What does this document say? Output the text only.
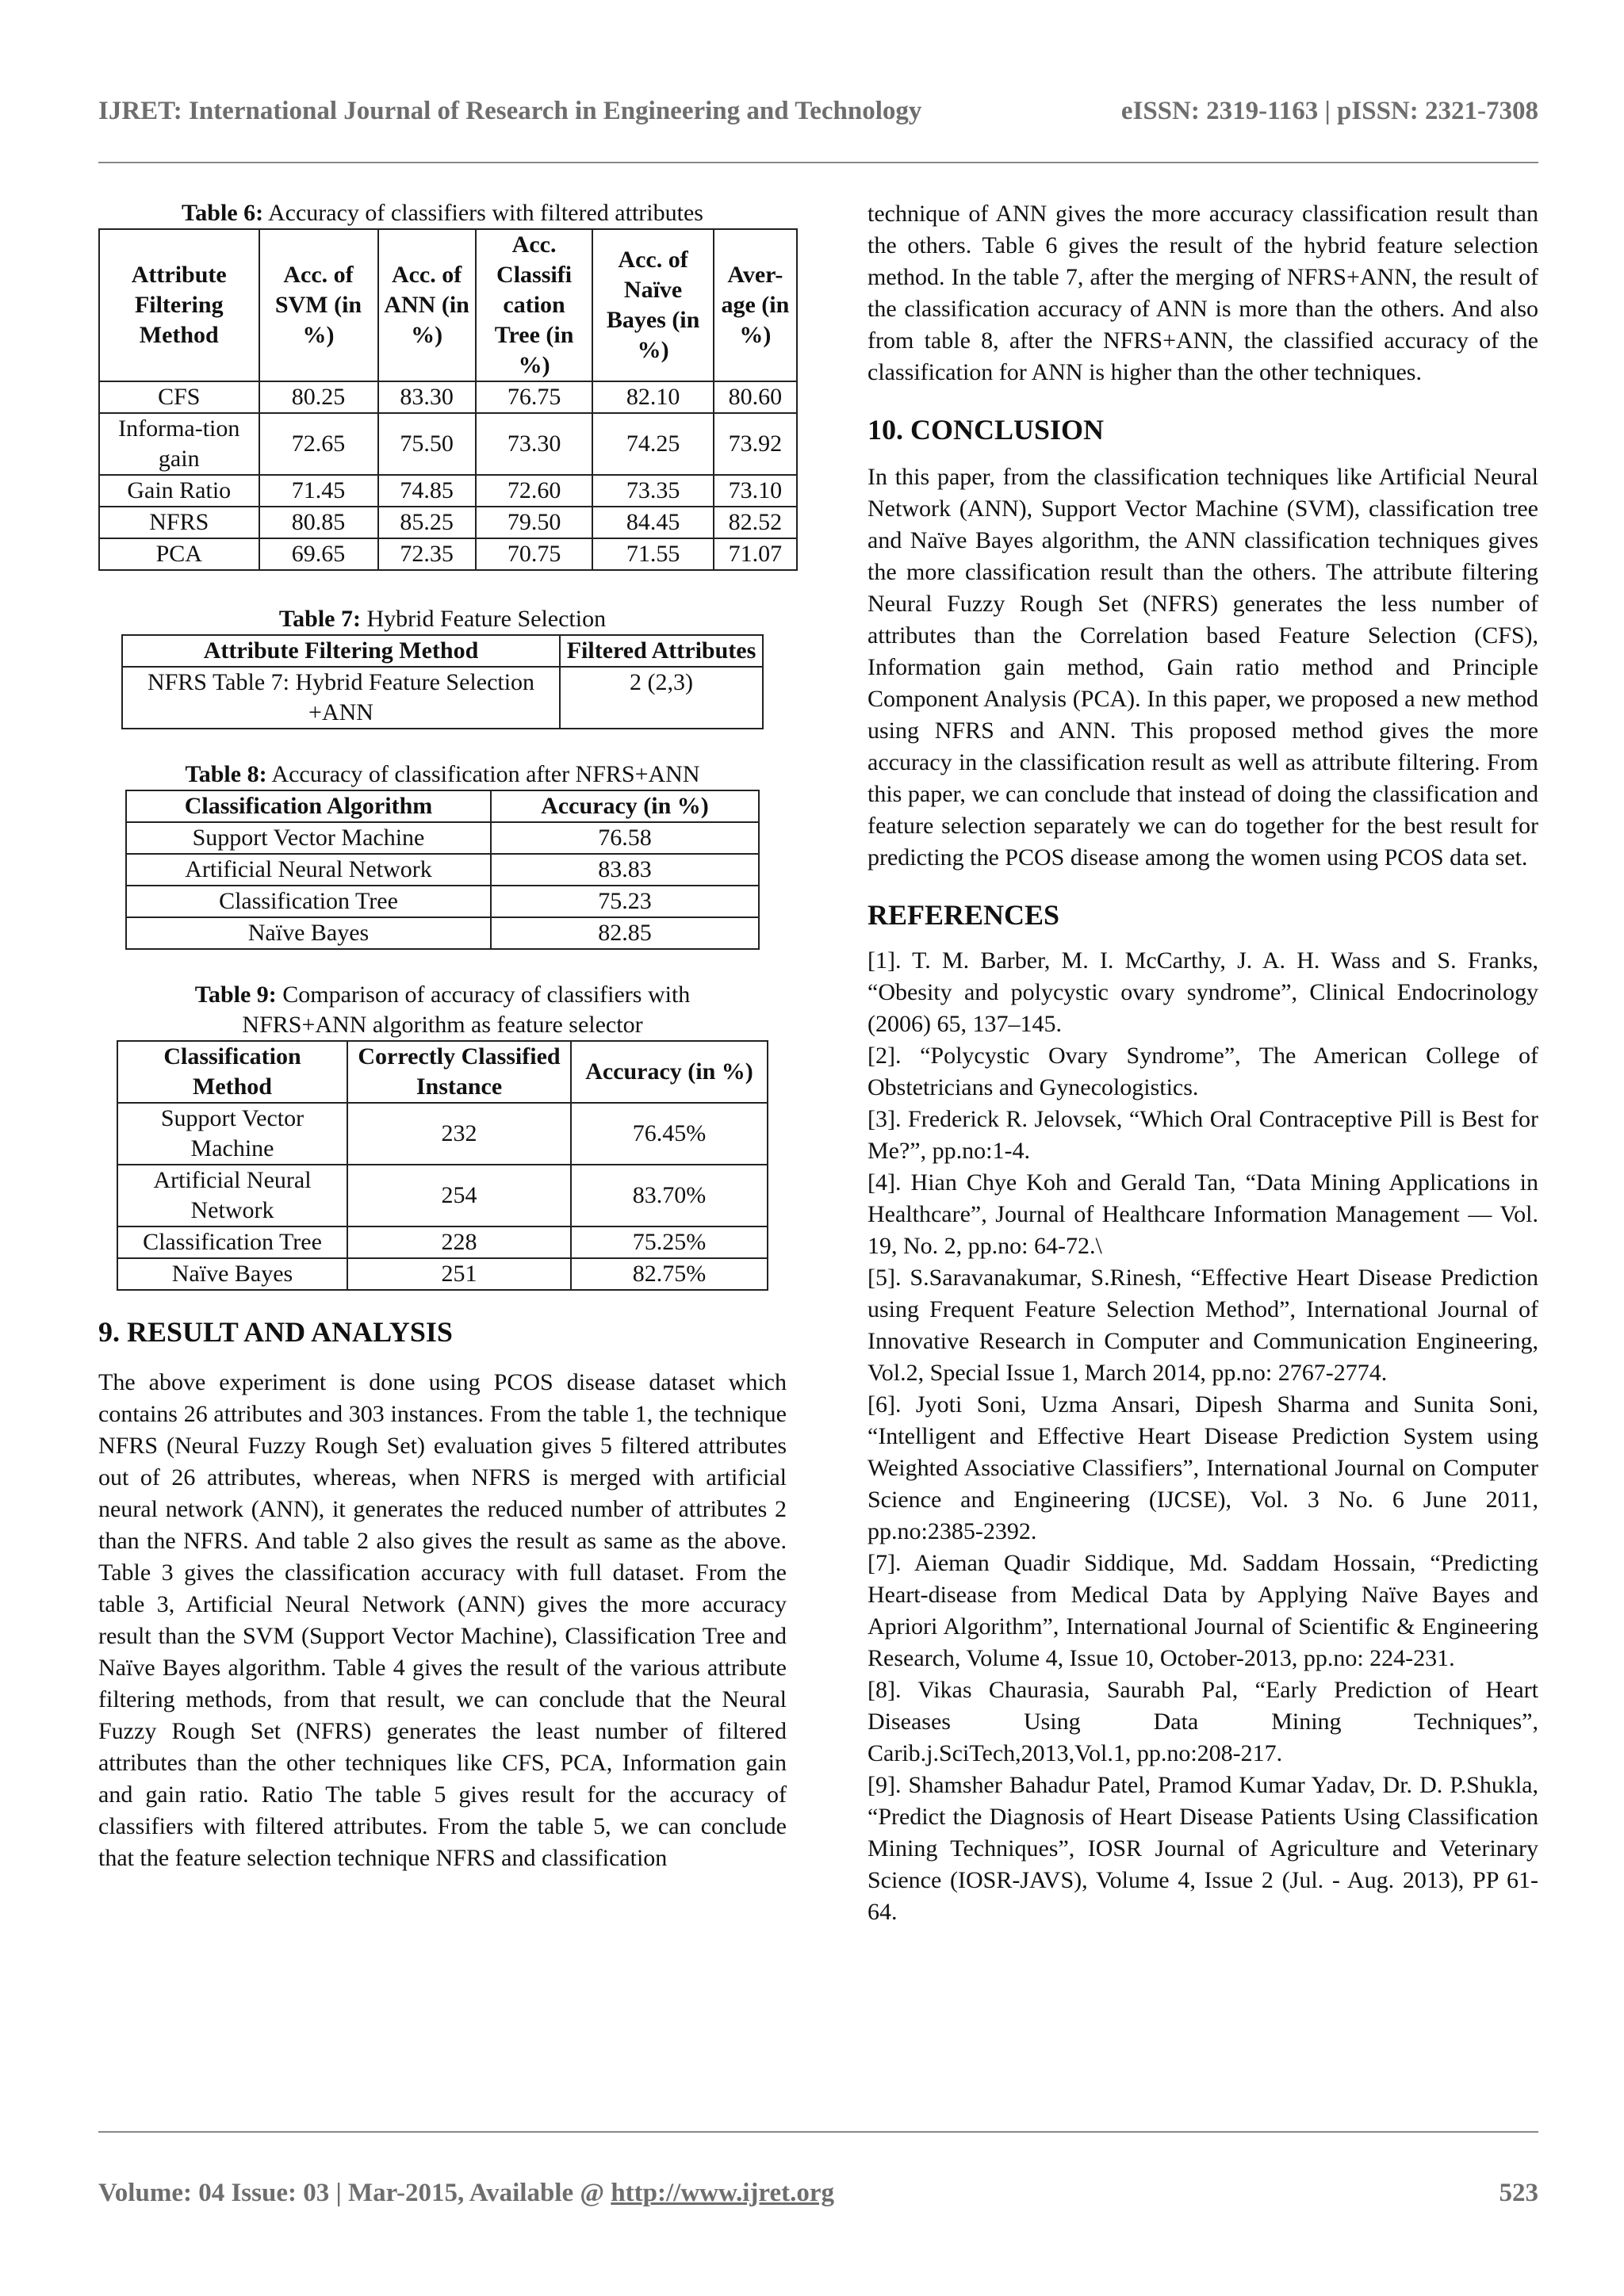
IJRET: International Journal of Research in Engineering and Technology	eISSN: 2319-1163 | pISSN: 2321-7308

Table 6: Accuracy of classifiers with filtered attributes

Attribute Filtering Method	Acc. of SVM (in %)	Acc. of ANN (in %)	Acc. Classifi cation Tree (in %)	Acc. of Naïve Bayes (in %)	Aver-age (in %)
CFS	80.25	83.30	76.75	82.10	80.60
Informa-tion gain	72.65	75.50	73.30	74.25	73.92
Gain Ratio	71.45	74.85	72.60	73.35	73.10
NFRS	80.85	85.25	79.50	84.45	82.52
PCA	69.65	72.35	70.75	71.55	71.07

Table 7: Hybrid Feature Selection

Attribute Filtering Method	Filtered Attributes
NFRS Table 7: Hybrid Feature Selection +ANN	2 (2,3)

Table 8: Accuracy of classification after NFRS+ANN

Classification Algorithm	Accuracy (in %)
Support Vector Machine	76.58
Artificial Neural Network	83.83
Classification Tree	75.23
Naïve Bayes	82.85

Table 9: Comparison of accuracy of classifiers with NFRS+ANN algorithm as feature selector

Classification Method	Correctly Classified Instance	Accuracy (in %)
Support Vector Machine	232	76.45%
Artificial Neural Network	254	83.70%
Classification Tree	228	75.25%
Naïve Bayes	251	82.75%
9. RESULT AND ANALYSIS

The above experiment is done using PCOS disease dataset which contains 26 attributes and 303 instances. From the table 1, the technique NFRS (Neural Fuzzy Rough Set) evaluation gives 5 filtered attributes out of 26 attributes, whereas, when NFRS is merged with artificial neural network (ANN), it generates the reduced number of attributes 2 than the NFRS. And table 2 also gives the result as same as the above. Table 3 gives the classification accuracy with full dataset. From the table 3, Artificial Neural Network (ANN) gives the more accuracy result than the SVM (Support Vector Machine), Classification Tree and Naïve Bayes algorithm. Table 4 gives the result of the various attribute filtering methods, from that result, we can conclude that the Neural Fuzzy Rough Set (NFRS) generates the least number of filtered attributes than the other techniques like CFS, PCA, Information gain and gain ratio. Ratio The table 5 gives result for the accuracy of classifiers with filtered attributes. From the table 5, we can conclude that the feature selection technique NFRS and classification

technique of ANN gives the more accuracy classification result than the others. Table 6 gives the result of the hybrid feature selection method. In the table 7, after the merging of NFRS+ANN, the result of the classification accuracy of ANN is more than the others. And also from table 8, after the NFRS+ANN, the classified accuracy of the classification for ANN is higher than the other techniques.

10. CONCLUSION

In this paper, from the classification techniques like Artificial Neural Network (ANN), Support Vector Machine (SVM), classification tree and Naïve Bayes algorithm, the ANN classification techniques gives the more classification result than the others. The attribute filtering Neural Fuzzy Rough Set (NFRS) generates the less number of attributes than the Correlation based Feature Selection (CFS), Information gain method, Gain ratio method and Principle Component Analysis (PCA). In this paper, we proposed a new method using NFRS and ANN. This proposed method gives the more accuracy in the classification result as well as attribute filtering. From this paper, we can conclude that instead of doing the classification and feature selection separately we can do together for the best result for predicting the PCOS disease among the women using PCOS data set.

REFERENCES

[1]. T. M. Barber, M. I. McCarthy, J. A. H. Wass and S. Franks, “Obesity and polycystic ovary syndrome”, Clinical Endocrinology (2006) 65, 137–145.

[2]. “Polycystic Ovary Syndrome”, The American College of Obstetricians and Gynecologistics.

[3]. Frederick R. Jelovsek, “Which Oral Contraceptive Pill is Best for Me?”, pp.no:1-4.

[4]. Hian Chye Koh and Gerald Tan, “Data Mining Applications in Healthcare”, Journal of Healthcare Information Management — Vol. 19, No. 2, pp.no: 64-72.\

[5]. S.Saravanakumar, S.Rinesh, “Effective Heart Disease Prediction using Frequent Feature Selection Method”, International Journal of Innovative Research in Computer and Communication Engineering, Vol.2, Special Issue 1, March 2014, pp.no: 2767-2774.

[6]. Jyoti Soni, Uzma Ansari, Dipesh Sharma and Sunita Soni, “Intelligent and Effective Heart Disease Prediction System using Weighted Associative Classifiers”, International Journal on Computer Science and Engineering (IJCSE), Vol. 3 No. 6 June 2011, pp.no:2385-2392.

[7]. Aieman Quadir Siddique, Md. Saddam Hossain, “Predicting Heart-disease from Medical Data by Applying Naïve Bayes and Apriori Algorithm”, International Journal of Scientific & Engineering Research, Volume 4, Issue 10, October-2013, pp.no: 224-231.

[8]. Vikas Chaurasia, Saurabh Pal, “Early Prediction of Heart Diseases Using Data Mining Techniques”, Carib.j.SciTech,2013,Vol.1, pp.no:208-217.

[9]. Shamsher Bahadur Patel, Pramod Kumar Yadav, Dr. D. P.Shukla, “Predict the Diagnosis of Heart Disease Patients Using Classification Mining Techniques”, IOSR Journal of Agriculture and Veterinary Science (IOSR-JAVS), Volume 4, Issue 2 (Jul. - Aug. 2013), PP 61-64.

Volume: 04 Issue: 03 | Mar-2015, Available @ http://www.ijret.org	523
